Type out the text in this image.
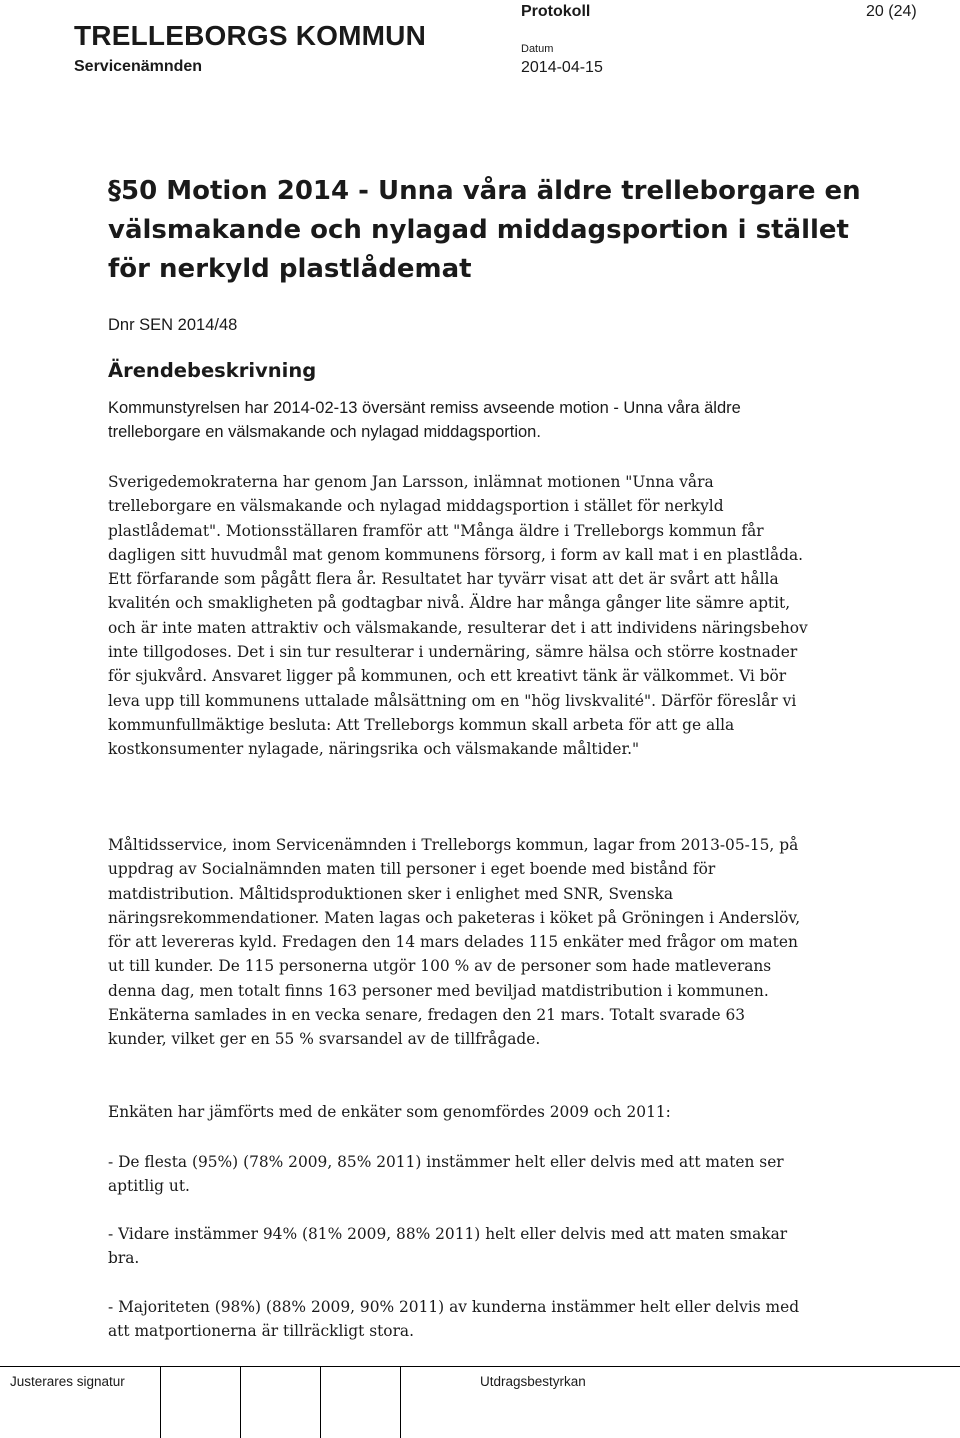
TRELLEBORGS KOMMUN
Servicenämnden
Protokoll	20 (24)
Datum
2014-04-15
§50 Motion 2014 - Unna våra äldre trelleborgare en välsmakande och nylagad middagsportion i stället för nerkyld plastlådemat
Dnr SEN 2014/48
Ärendebeskrivning
Kommunstyrelsen har 2014-02-13 översänt remiss avseende motion - Unna våra äldre trelleborgare en välsmakande och nylagad middagsportion.
Sverigedemokraterna har genom Jan Larsson, inlämnat motionen "Unna våra trelleborgare en välsmakande och nylagad middagsportion i stället för nerkyld plastlådemat". Motionsställaren framför att "Många äldre i Trelleborgs kommun får dagligen sitt huvudmål mat genom kommunens försorg, i form av kall mat i en plastlåda. Ett förfarande som pågått flera år. Resultatet har tyvärr visat att det är svårt att hålla kvalitén och smakligheten på godtagbar nivå. Äldre har många gånger lite sämre aptit, och är inte maten attraktiv och välsmakande, resulterar det i att individens näringsbehov inte tillgodoses. Det i sin tur resulterar i undernäring, sämre hälsa och större kostnader för sjukvård. Ansvaret ligger på kommunen, och ett kreativt tänk är välkommet. Vi bör leva upp till kommunens uttalade målsättning om en "hög livskvalité". Därför föreslår vi kommunfullmäktige besluta: Att Trelleborgs kommun skall arbeta för att ge alla kostkonsumenter nylagade, näringsrika och välsmakande måltider."
Måltidsservice, inom Servicenämnden i Trelleborgs kommun, lagar from 2013-05-15, på uppdrag av Socialnämnden maten till personer i eget boende med bistånd för matdistribution. Måltidsproduktionen sker i enlighet med SNR, Svenska näringsrekommendationer. Maten lagas och paketeras i köket på Gröningen i Anderslöv, för att levereras kyld. Fredagen den 14 mars delades 115 enkäter med frågor om maten ut till kunder. De 115 personerna utgör 100 % av de personer som hade matleverans denna dag, men totalt finns 163 personer med beviljad matdistribution i kommunen. Enkäterna samlades in en vecka senare, fredagen den 21 mars. Totalt svarade 63 kunder, vilket ger en 55 % svarsandel av de tillfrågade.
Enkäten har jämförts med de enkäter som genomfördes 2009 och 2011:
- De flesta (95%) (78% 2009, 85% 2011) instämmer helt eller delvis med att maten ser aptitlig ut.
- Vidare instämmer 94% (81% 2009, 88% 2011) helt eller delvis med att maten smakar bra.
- Majoriteten (98%) (88% 2009, 90% 2011) av kunderna instämmer helt eller delvis med att matportionerna är tillräckligt stora.
Justerares signatur	Utdragsbestyrkan
